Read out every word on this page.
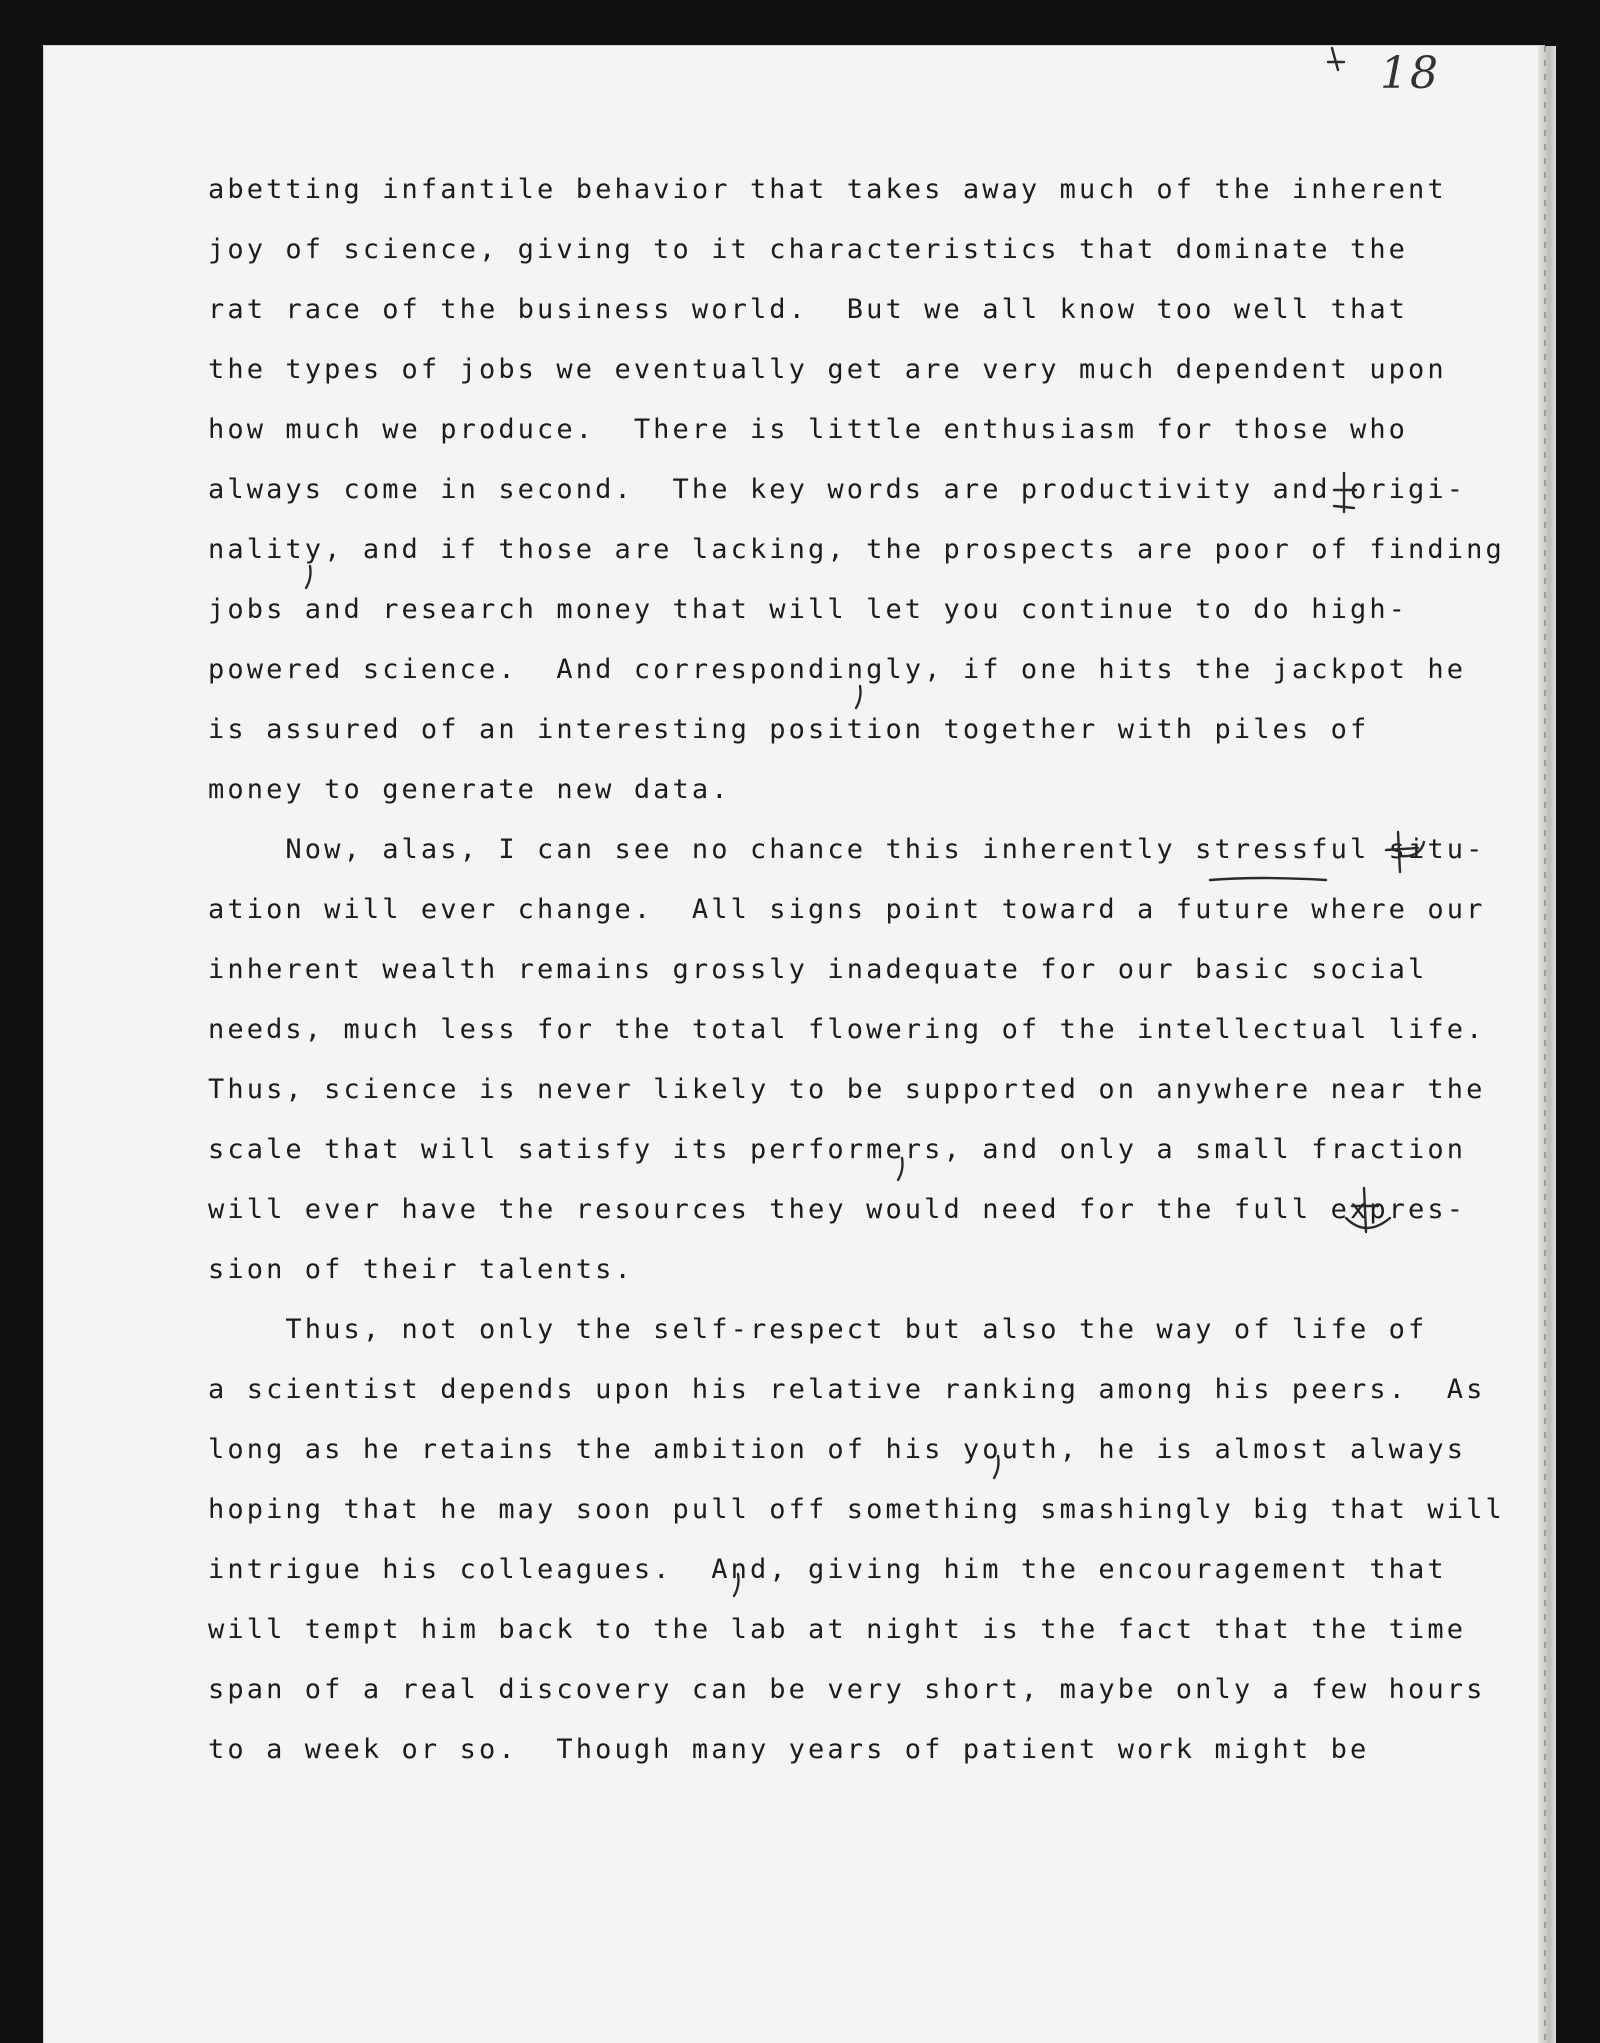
18
abetting infantile behavior that takes away much of the inherent
joy of science, giving to it characteristics that dominate the
rat race of the business world.  But we all know too well that
the types of jobs we eventually get are very much dependent upon
how much we produce.  There is little enthusiasm for those who
always come in second.  The key words are productivity and origi-
nality, and if those are lacking, the prospects are poor of finding
jobs and research money that will let you continue to do high-
powered science.  And correspondingly, if one hits the jackpot he
is assured of an interesting position together with piles of
money to generate new data.
Now, alas, I can see no chance this inherently stressful situ-
ation will ever change.  All signs point toward a future where our
inherent wealth remains grossly inadequate for our basic social
needs, much less for the total flowering of the intellectual life.
Thus, science is never likely to be supported on anywhere near the
scale that will satisfy its performers, and only a small fraction
will ever have the resources they would need for the full expres-
sion of their talents.
Thus, not only the self-respect but also the way of life of
a scientist depends upon his relative ranking among his peers.  As
long as he retains the ambition of his youth, he is almost always
hoping that he may soon pull off something smashingly big that will
intrigue his colleagues.  And, giving him the encouragement that
will tempt him back to the lab at night is the fact that the time
span of a real discovery can be very short, maybe only a few hours
to a week or so.  Though many years of patient work might be
